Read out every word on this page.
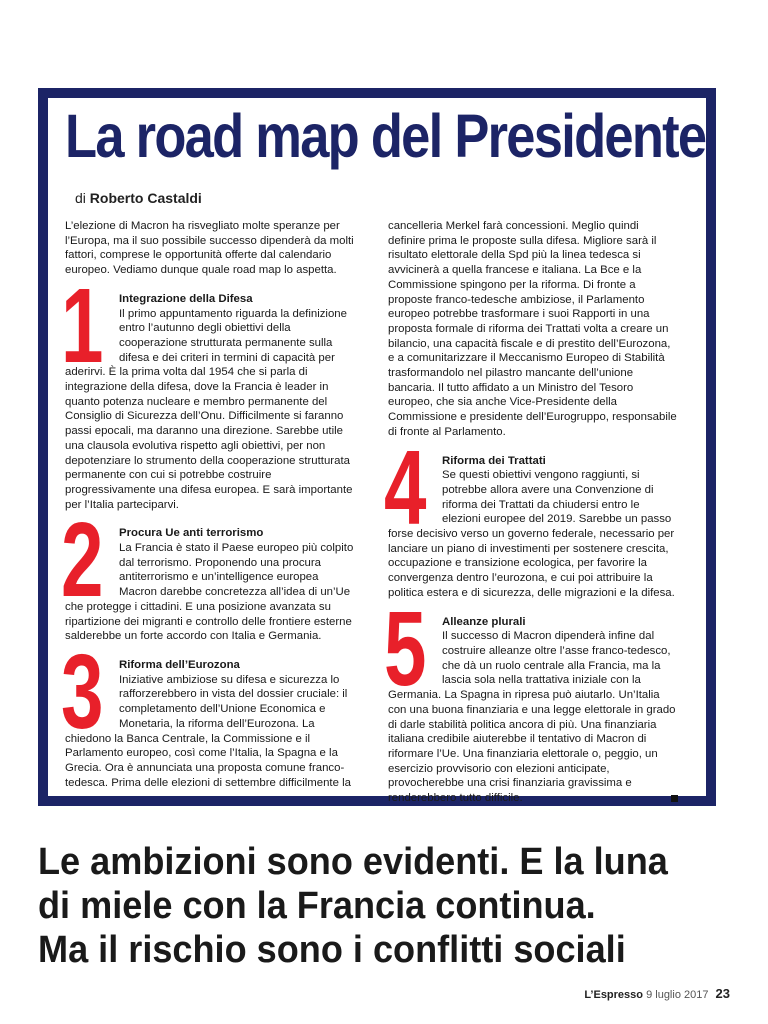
La road map del Presidente
di Roberto Castaldi

L’elezione di Macron ha risvegliato molte speranze per l’Europa, ma il suo possibile successo dipenderà da molti fattori, comprese le opportunità offerte dal calendario europeo. Vediamo dunque quale road map lo aspetta.

1	Integrazione della Difesa

Il primo appuntamento riguarda la definizione entro l’autunno degli obiettivi della cooperazione strutturata permanente sulla difesa e dei criteri in termini di capacità per aderirvi. È la prima volta dal 1954 che si parla di integrazione della difesa, dove la Francia è leader in quanto potenza nucleare e membro permanente del Consiglio di Sicurezza dell’Onu. Difficilmente si faranno passi epocali, ma daranno una direzione. Sarebbe utile una clausola evolutiva rispetto agli obiettivi, per non depotenziare lo strumento della cooperazione strutturata permanente con cui si potrebbe costruire progressivamente una difesa europea. E sarà importante per l’Italia parteciparvi.

2	Procura Ue anti terrorismo

La Francia è stato il Paese europeo più colpito dal terrorismo. Proponendo una procura antiterrorismo e un’intelligence europea Macron darebbe concretezza all’idea di un’Ue che protegge i cittadini. E una posizione avanzata su ripartizione dei migranti e controllo delle frontiere esterne salderebbe un forte accordo con Italia e Germania.

3	Riforma dell’Eurozona

Iniziative ambiziose su difesa e sicurezza lo rafforzerebbero in vista del dossier cruciale: il completamento dell’Unione Economica e Monetaria, la riforma dell’Eurozona. La chiedono la Banca Centrale, la Commissione e il Parlamento europeo, così come l’Italia, la Spagna e la Grecia. Ora è annunciata una proposta comune franco-tedesca. Prima delle elezioni di settembre difficilmente la

cancelleria Merkel farà concessioni. Meglio quindi definire prima le proposte sulla difesa. Migliore sarà il risultato elettorale della Spd più la linea tedesca si avvicinerà a quella francese e italiana. La Bce e la Commissione spingono per la riforma. Di fronte a proposte franco-tedesche ambiziose, il Parlamento europeo potrebbe trasformare i suoi Rapporti in una proposta formale di riforma dei Trattati volta a creare un bilancio, una capacità fiscale e di prestito dell’Eurozona, e a comunitarizzare il Meccanismo Europeo di Stabilità trasformandolo nel pilastro mancante dell’unione bancaria. Il tutto affidato a un Ministro del Tesoro europeo, che sia anche Vice-Presidente della Commissione e presidente dell’Eurogruppo, responsabile di fronte al Parlamento.

4	Riforma dei Trattati

Se questi obiettivi vengono raggiunti, si potrebbe allora avere una Convenzione di riforma dei Trattati da chiudersi entro le elezioni europee del 2019. Sarebbe un passo forse decisivo verso un governo federale, necessario per lanciare un piano di investimenti per sostenere crescita, occupazione e transizione ecologica, per favorire la convergenza dentro l’eurozona, e cui poi attribuire la politica estera e di sicurezza, delle migrazioni e la difesa.

5	Alleanze plurali

Il successo di Macron dipenderà infine dal costruire alleanze oltre l’asse franco-tedesco, che dà un ruolo centrale alla Francia, ma la lascia sola nella trattativa iniziale con la Germania. La Spagna in ripresa può aiutarlo. Un’Italia con una buona finanziaria e una legge elettorale in grado di darle stabilità politica ancora di più. Una finanziaria italiana credibile aiuterebbe il tentativo di Macron di riformare l’Ue. Una finanziaria elettorale o, peggio, un esercizio provvisorio con elezioni anticipate, provocherebbe una crisi finanziaria gravissima e renderebbero tutto difficile.

Le ambizioni sono evidenti. E la luna
di miele con la Francia continua.
Ma il rischio sono i conflitti sociali
L’Espresso 9 luglio 2017 23
